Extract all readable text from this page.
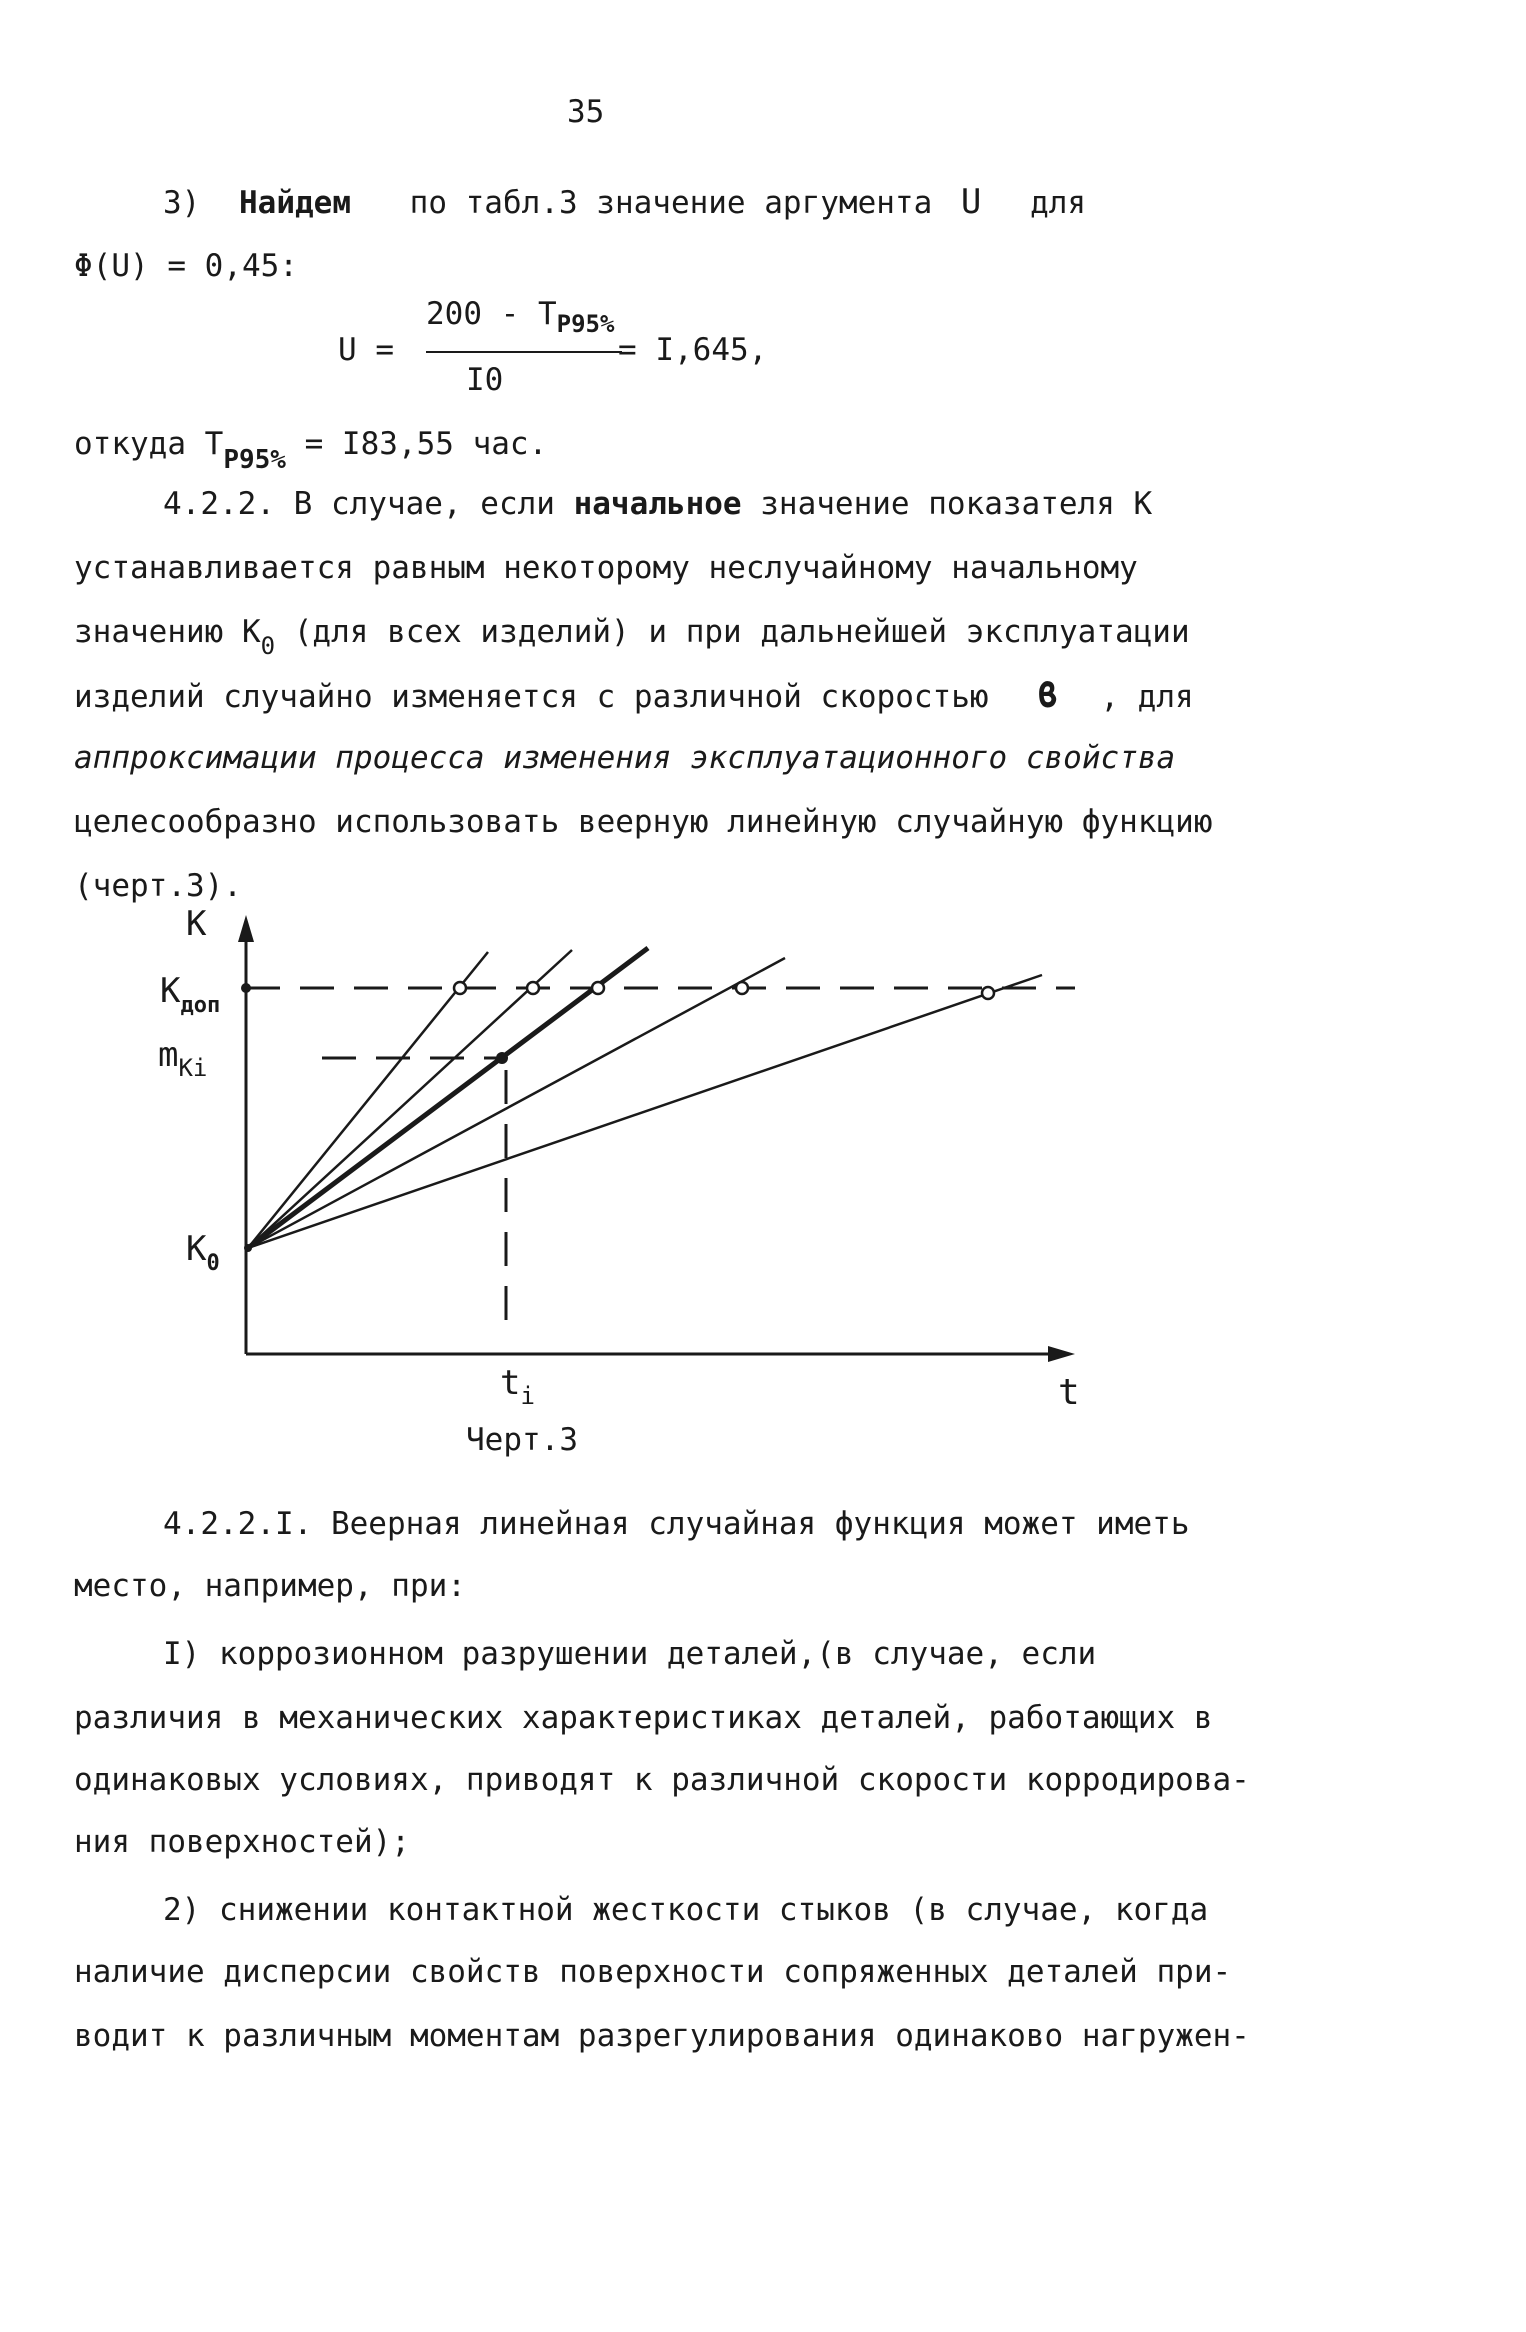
35
3) Найдем по табл.3 значение аргумента U для
Φ(U) = 0,45:
U =
$200 - T_{P95\%}$
I0
= I,645,
откуда $T_{P95\%} = I83,55$ час.
4.2.2. В случае, если начальное значение показателя К
устанавливается равным некоторому неслучайному начальному
значению $К_0$ (для всех изделий) и при дальнейшей эксплуатации
изделий случайно изменяется с различной скоростью ϐ , для
аппроксимации процесса изменения эксплуатационного свойства
целесообразно использовать веерную линейную случайную функцию
(черт.3).
K
$K_{доп}$
$m_{Ki}$
$K_0$
$t_i$	t
Черт.3
4.2.2.I. Веерная линейная случайная функция может иметь
место, например, при:
I) коррозионном разрушении деталей,(в случае, если
различия в механических характеристиках деталей, работающих в
одинаковых условиях, приводят к различной скорости корродирова-
ния поверхностей);
2) снижении контактной жесткости стыков (в случае, когда
наличие дисперсии свойств поверхности сопряженных деталей при-
водит к различным моментам разрегулирования одинаково нагружен-
